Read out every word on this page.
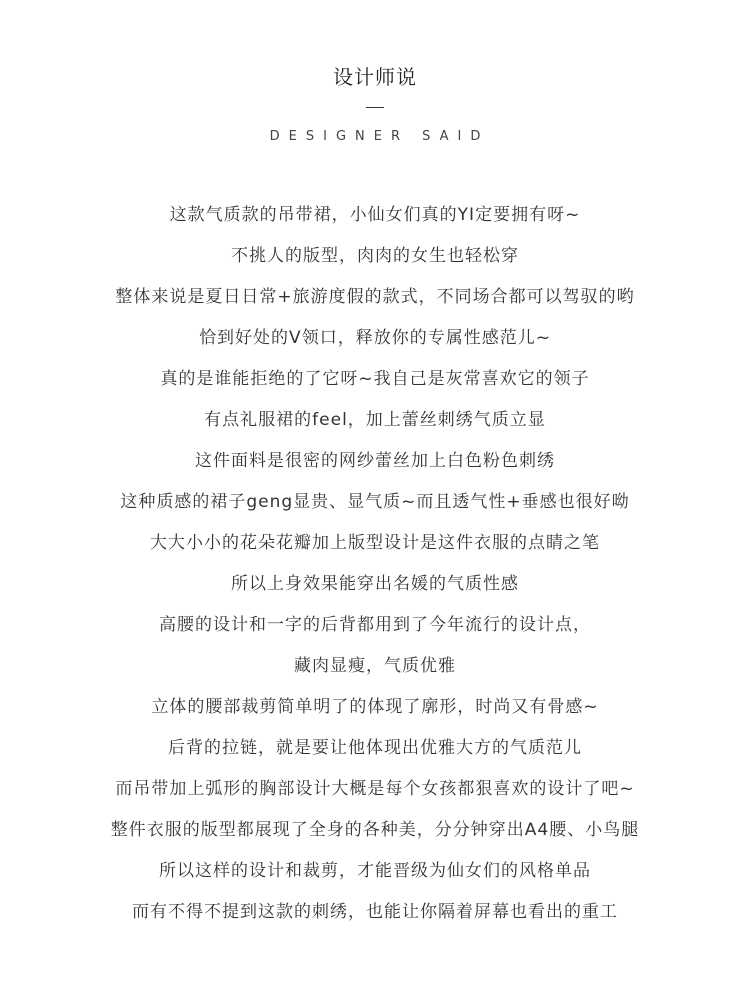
设计师说
DESIGNER SAID
这款气质款的吊带裙，小仙女们真的YI定要拥有呀~
不挑人的版型，肉肉的女生也轻松穿
整体来说是夏日日常+旅游度假的款式，不同场合都可以驾驭的哟
恰到好处的V领口，释放你的专属性感范儿~
真的是谁能拒绝的了它呀~我自己是灰常喜欢它的领子
有点礼服裙的feel，加上蕾丝刺绣气质立显
这件面料是很密的网纱蕾丝加上白色粉色刺绣
这种质感的裙子geng显贵、显气质~而且透气性+垂感也很好呦
大大小小的花朵花瓣加上版型设计是这件衣服的点睛之笔
所以上身效果能穿出名媛的气质性感
高腰的设计和一字的后背都用到了今年流行的设计点，
藏肉显瘦，气质优雅
立体的腰部裁剪简单明了的体现了廓形，时尚又有骨感~
后背的拉链，就是要让他体现出优雅大方的气质范儿
而吊带加上弧形的胸部设计大概是每个女孩都狠喜欢的设计了吧~
整件衣服的版型都展现了全身的各种美，分分钟穿出A4腰、小鸟腿
所以这样的设计和裁剪，才能晋级为仙女们的风格单品
而有不得不提到这款的刺绣，也能让你隔着屏幕也看出的重工
